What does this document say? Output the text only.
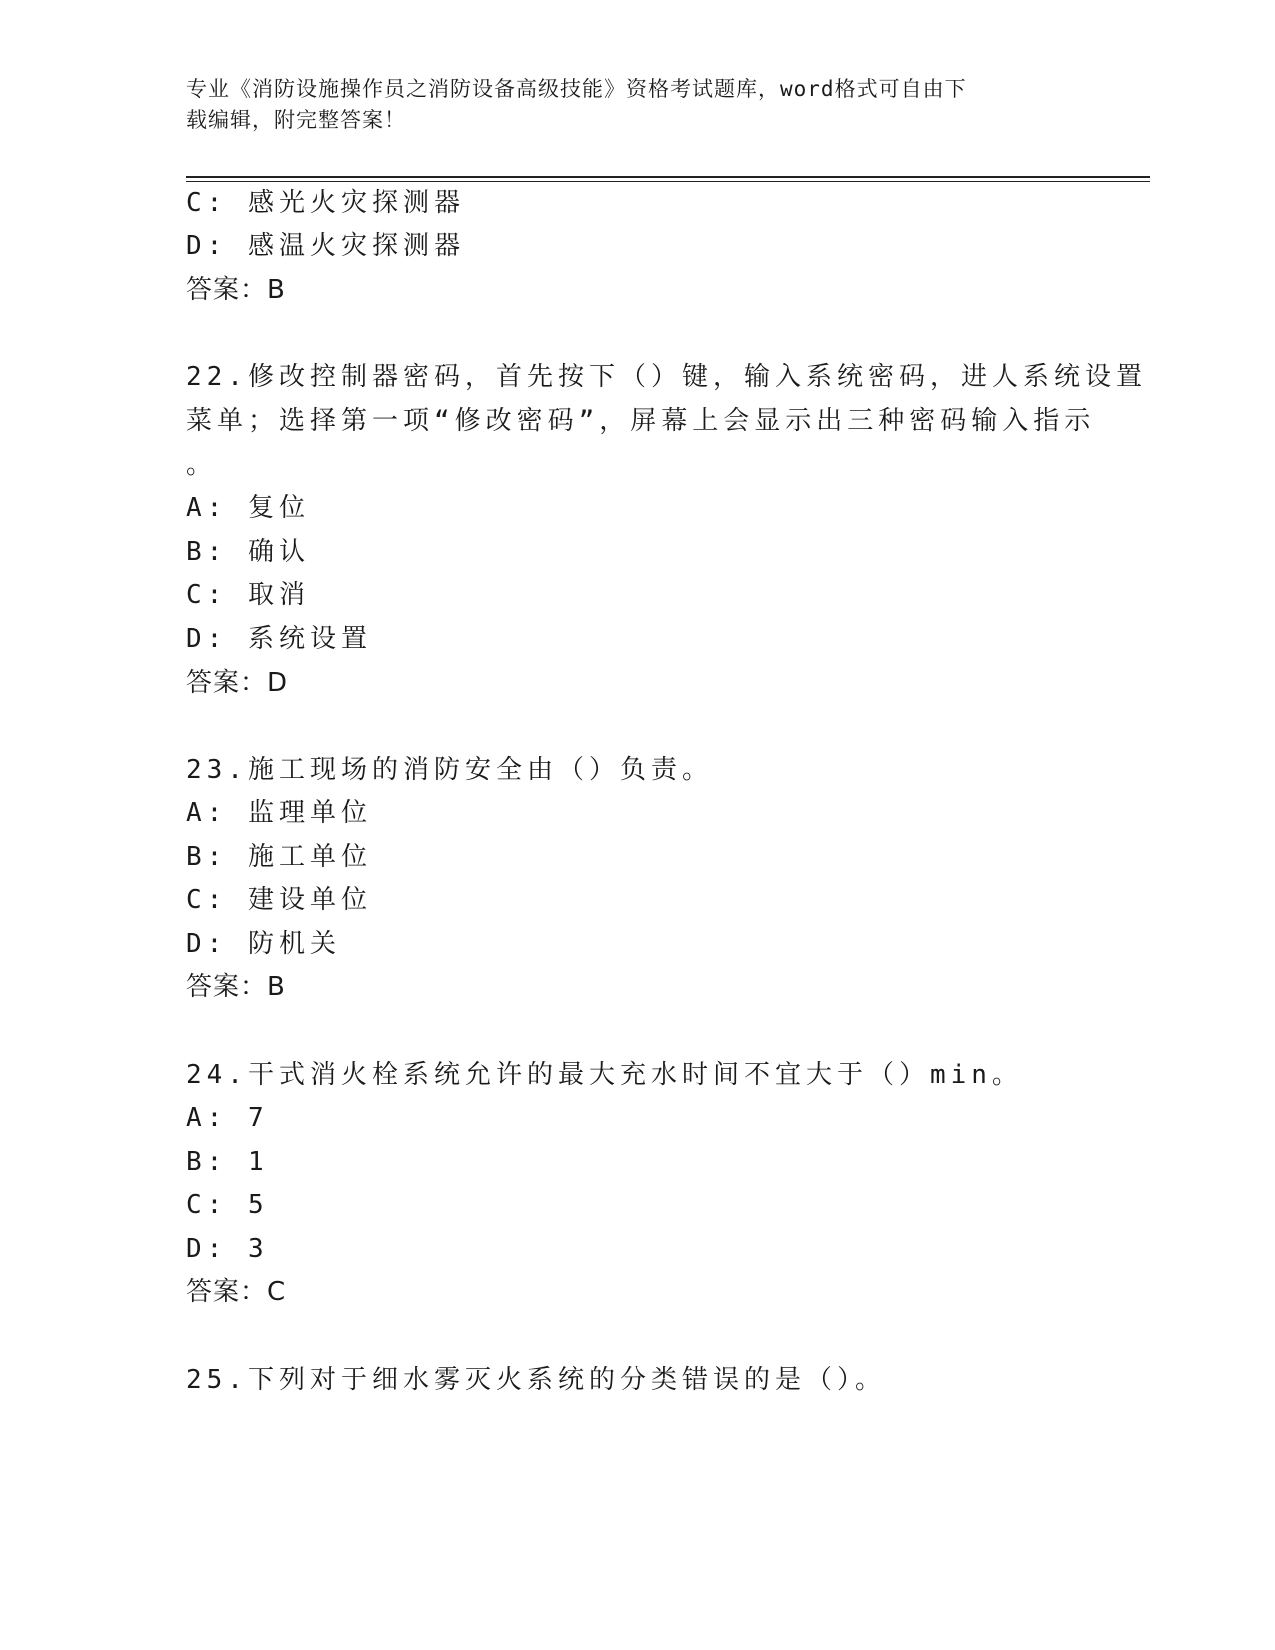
专业《消防设施操作员之消防设备高级技能》资格考试题库，word格式可自由下
载编辑，附完整答案！
C: 感光火灾探测器
D: 感温火灾探测器
答案：B
22.修改控制器密码，首先按下（）键，输入系统密码，进人系统设置
菜单；选择第一项“修改密码”，屏幕上会显示出三种密码输入指示
。
A: 复位
B: 确认
C: 取消
D: 系统设置
答案：D
23.施工现场的消防安全由（）负责。
A: 监理单位
B: 施工单位
C: 建设单位
D: 防机关
答案：B
24.干式消火栓系统允许的最大充水时间不宜大于（）min。
A: 7
B: 1
C: 5
D: 3
答案：C
25.下列对于细水雾灭火系统的分类错误的是（）。
